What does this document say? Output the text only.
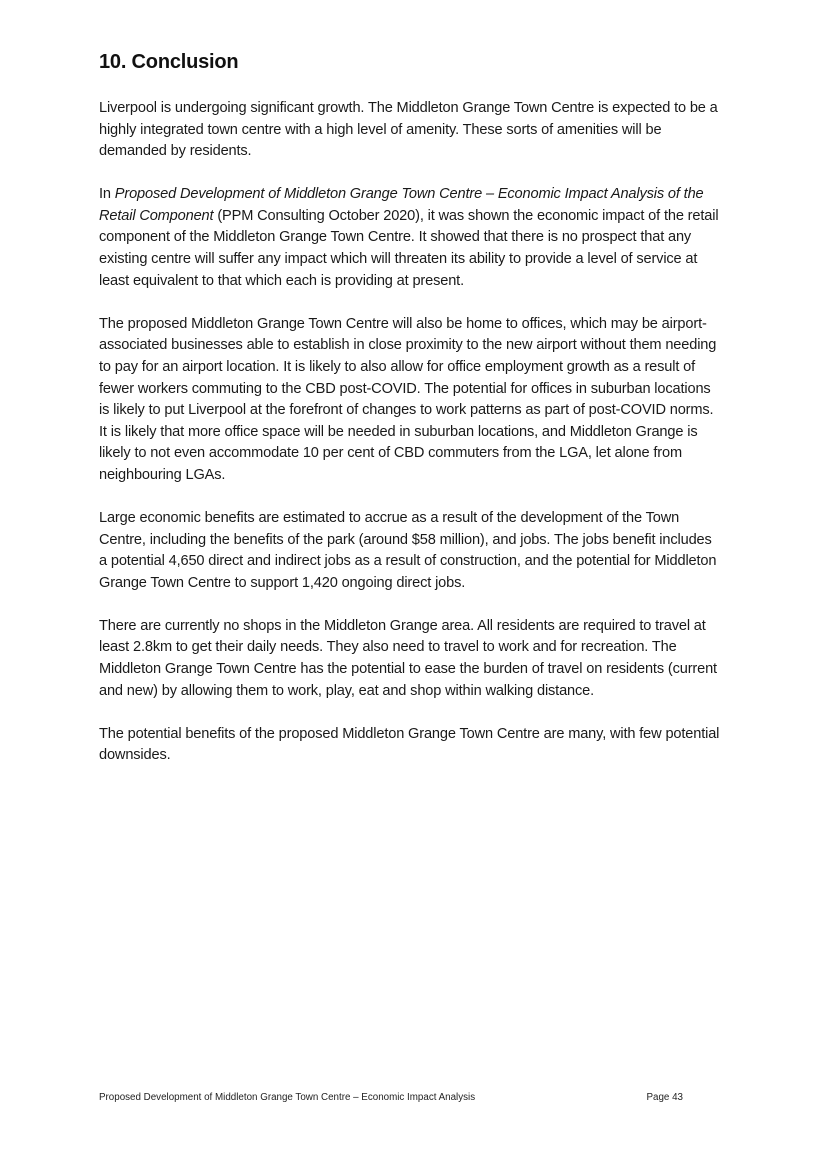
10. Conclusion

Liverpool is undergoing significant growth. The Middleton Grange Town Centre is expected to be a highly integrated town centre with a high level of amenity. These sorts of amenities will be demanded by residents.

In Proposed Development of Middleton Grange Town Centre – Economic Impact Analysis of the Retail Component (PPM Consulting October 2020), it was shown the economic impact of the retail component of the Middleton Grange Town Centre. It showed that there is no prospect that any existing centre will suffer any impact which will threaten its ability to provide a level of service at least equivalent to that which each is providing at present.

The proposed Middleton Grange Town Centre will also be home to offices, which may be airport-associated businesses able to establish in close proximity to the new airport without them needing to pay for an airport location. It is likely to also allow for office employment growth as a result of fewer workers commuting to the CBD post-COVID. The potential for offices in suburban locations is likely to put Liverpool at the forefront of changes to work patterns as part of post-COVID norms. It is likely that more office space will be needed in suburban locations, and Middleton Grange is likely to not even accommodate 10 per cent of CBD commuters from the LGA, let alone from neighbouring LGAs.

Large economic benefits are estimated to accrue as a result of the development of the Town Centre, including the benefits of the park (around $58 million), and jobs. The jobs benefit includes a potential 4,650 direct and indirect jobs as a result of construction, and the potential for Middleton Grange Town Centre to support 1,420 ongoing direct jobs.

There are currently no shops in the Middleton Grange area. All residents are required to travel at least 2.8km to get their daily needs. They also need to travel to work and for recreation. The Middleton Grange Town Centre has the potential to ease the burden of travel on residents (current and new) by allowing them to work, play, eat and shop within walking distance.

The potential benefits of the proposed Middleton Grange Town Centre are many, with few potential downsides.

Proposed Development of Middleton Grange Town Centre – Economic Impact Analysis	Page 43
